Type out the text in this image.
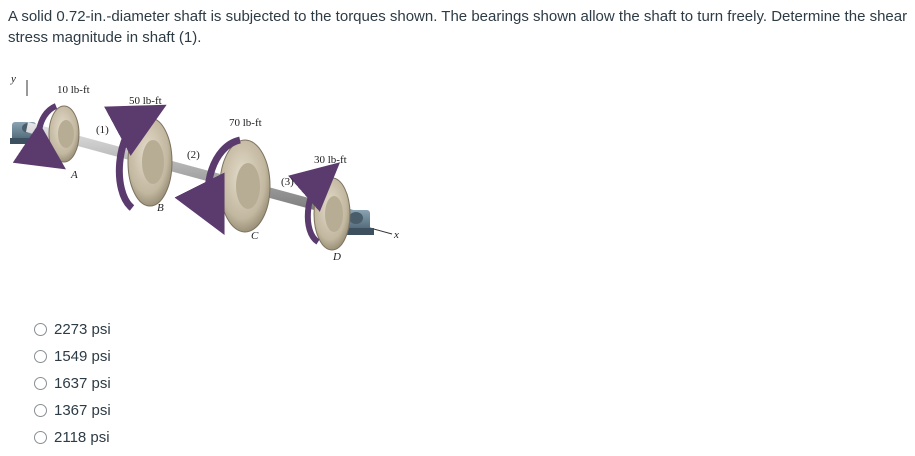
A solid 0.72-in.-diameter shaft is subjected to the torques shown. The bearings shown allow the shaft to turn freely. Determine the shear stress magnitude in shaft (1).

y
x
10 lb-ft
50 lb-ft
70 lb-ft
30 lb-ft
(1)
(2)
(3)
A
B
C
D
2273 psi
1549 psi
1637 psi
1367 psi
2118 psi
